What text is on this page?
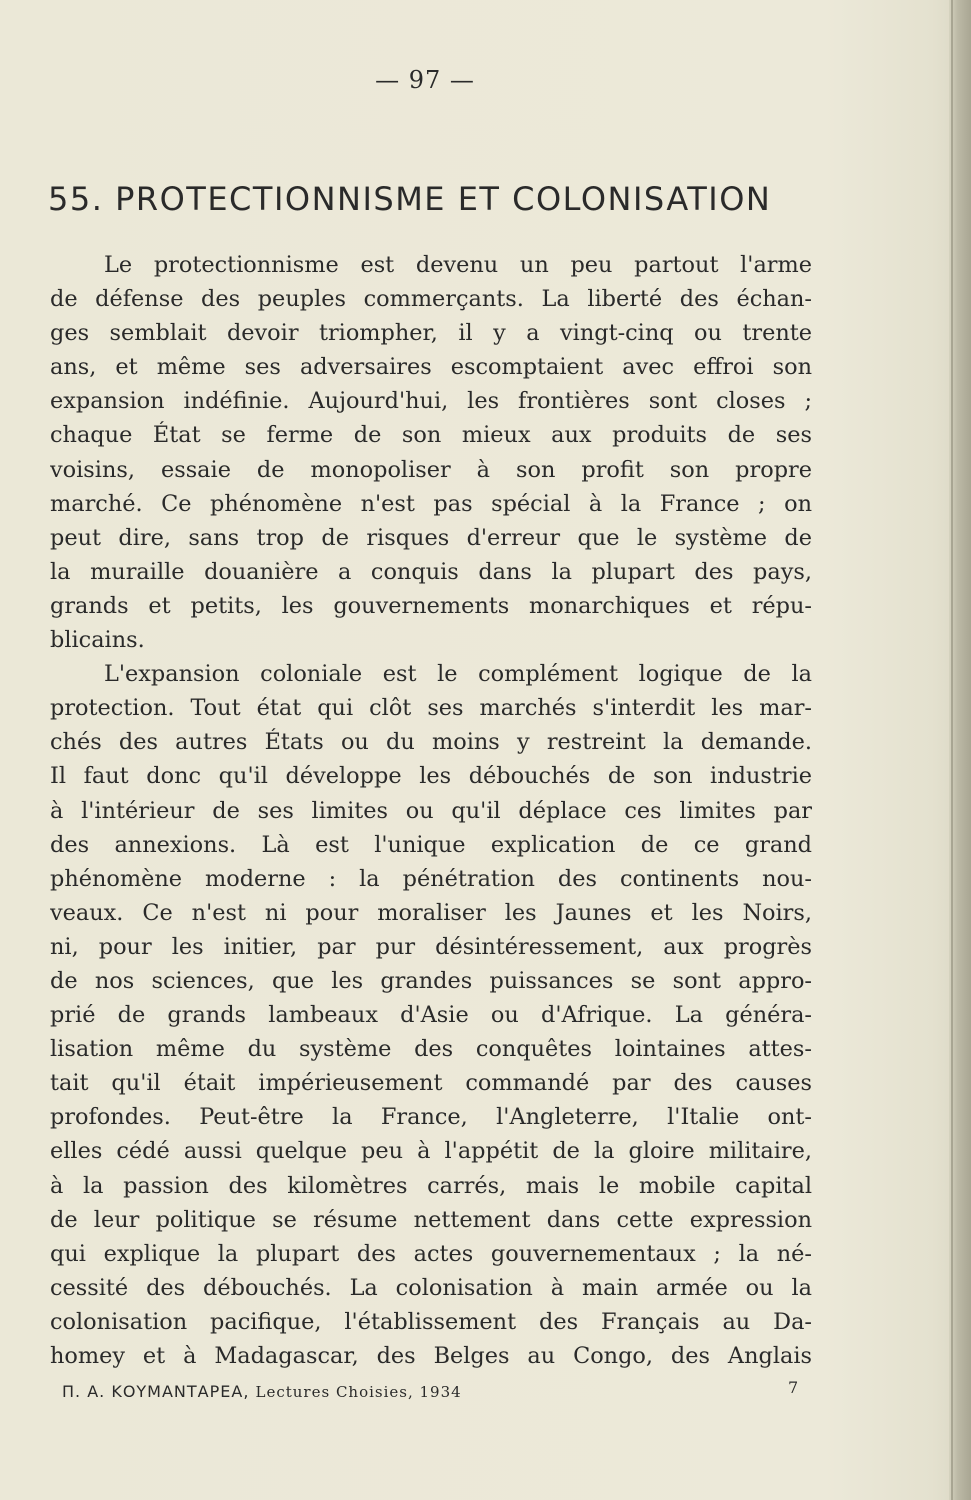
— 97 —
55. PROTECTIONNISME ET COLONISATION
Le protectionnisme est devenu un peu partout l'arme
de défense des peuples commerçants. La liberté des échan-
ges semblait devoir triompher, il y a vingt-cinq ou trente
ans, et même ses adversaires escomptaient avec effroi son
expansion indéfinie. Aujourd'hui, les frontières sont closes ;
chaque État se ferme de son mieux aux produits de ses
voisins, essaie de monopoliser à son profit son propre
marché. Ce phénomène n'est pas spécial à la France ; on
peut dire, sans trop de risques d'erreur que le système de
la muraille douanière a conquis dans la plupart des pays,
grands et petits, les gouvernements monarchiques et répu-
blicains.
L'expansion coloniale est le complément logique de la
protection. Tout état qui clôt ses marchés s'interdit les mar-
chés des autres États ou du moins y restreint la demande.
Il faut donc qu'il développe les débouchés de son industrie
à l'intérieur de ses limites ou qu'il déplace ces limites par
des annexions. Là est l'unique explication de ce grand
phénomène moderne : la pénétration des continents nou-
veaux. Ce n'est ni pour moraliser les Jaunes et les Noirs,
ni, pour les initier, par pur désintéressement, aux progrès
de nos sciences, que les grandes puissances se sont appro-
prié de grands lambeaux d'Asie ou d'Afrique. La généra-
lisation même du système des conquêtes lointaines attes-
tait qu'il était impérieusement commandé par des causes
profondes. Peut-être la France, l'Angleterre, l'Italie ont-
elles cédé aussi quelque peu à l'appétit de la gloire militaire,
à la passion des kilomètres carrés, mais le mobile capital
de leur politique se résume nettement dans cette expression
qui explique la plupart des actes gouvernementaux ; la né-
cessité des débouchés. La colonisation à main armée ou la
colonisation pacifique, l'établissement des Français au Da-
homey et à Madagascar, des Belges au Congo, des Anglais
Π. Α. ΚΟΥΜΑΝΤΑΡΕΑ, Lectures Choisies, 1934	7
